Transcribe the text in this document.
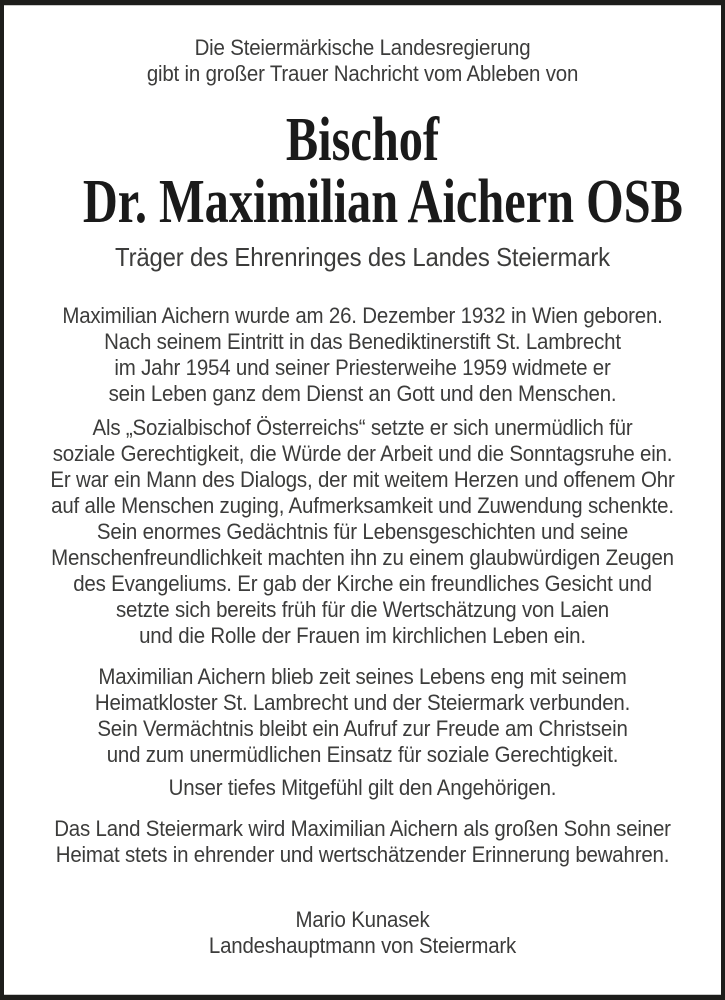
Die Steiermärkische Landesregierung
gibt in großer Trauer Nachricht vom Ableben von
Bischof
Dr. Maximilian Aichern OSB
Träger des Ehrenringes des Landes Steiermark
Maximilian Aichern wurde am 26. Dezember 1932 in Wien geboren.
Nach seinem Eintritt in das Benediktinerstift St. Lambrecht
im Jahr 1954 und seiner Priesterweihe 1959 widmete er
sein Leben ganz dem Dienst an Gott und den Menschen.
Als „Sozialbischof Österreichs“ setzte er sich unermüdlich für
soziale Gerechtigkeit, die Würde der Arbeit und die Sonntagsruhe ein.
Er war ein Mann des Dialogs, der mit weitem Herzen und offenem Ohr
auf alle Menschen zuging, Aufmerksamkeit und Zuwendung schenkte.
Sein enormes Gedächtnis für Lebensgeschichten und seine
Menschenfreundlichkeit machten ihn zu einem glaubwürdigen Zeugen
des Evangeliums. Er gab der Kirche ein freundliches Gesicht und
setzte sich bereits früh für die Wertschätzung von Laien
und die Rolle der Frauen im kirchlichen Leben ein.
Maximilian Aichern blieb zeit seines Lebens eng mit seinem
Heimatkloster St. Lambrecht und der Steiermark verbunden.
Sein Vermächtnis bleibt ein Aufruf zur Freude am Christsein
und zum unermüdlichen Einsatz für soziale Gerechtigkeit.
Unser tiefes Mitgefühl gilt den Angehörigen.
Das Land Steiermark wird Maximilian Aichern als großen Sohn seiner
Heimat stets in ehrender und wertschätzender Erinnerung bewahren.
Mario Kunasek
Landeshauptmann von Steiermark
